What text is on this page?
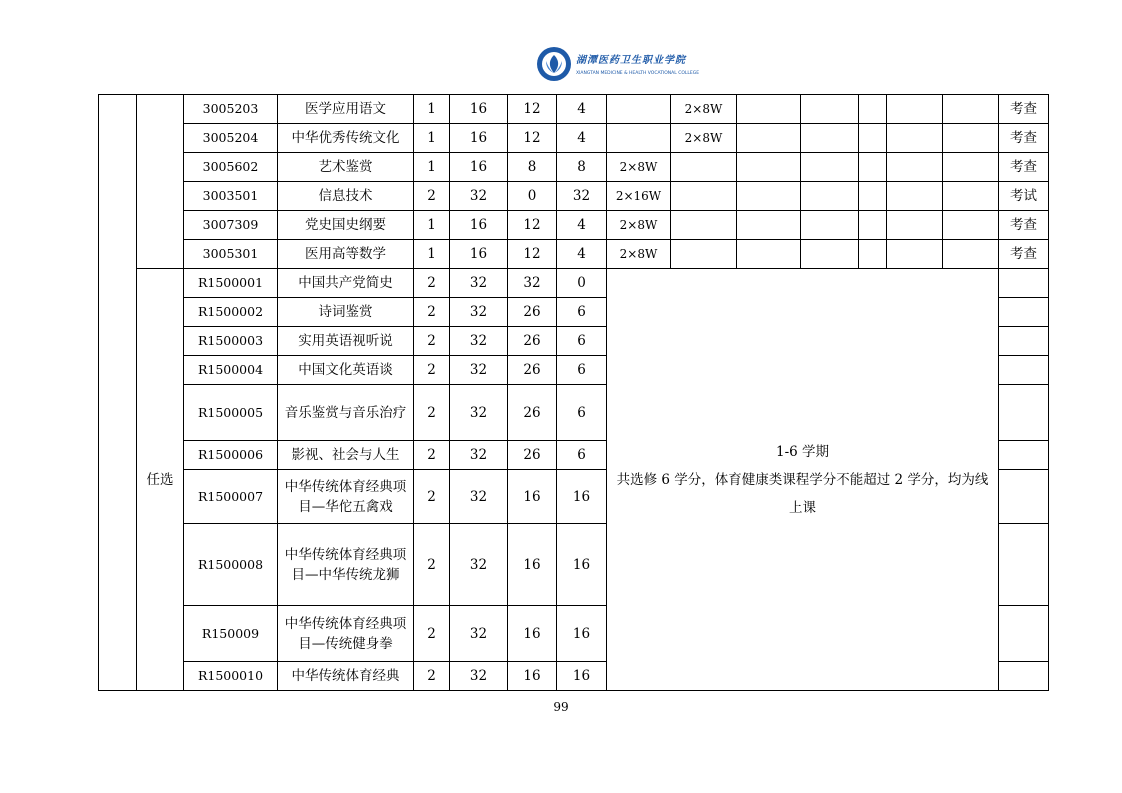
湖潭医药卫生职业学院
XIANGTAN MEDICINE & HEALTH VOCATIONAL COLLEGE
		3005203	医学应用语文	1	16	12	4		2×8W						考查
		3005204	中华优秀传统文化	1	16	12	4		2×8W						考查
		3005602	艺术鉴赏	1	16	8	8	2×8W							考查
		3003501	信息技术	2	32	0	32	2×16W							考试
		3007309	党史国史纲要	1	16	12	4	2×8W							考查
		3005301	医用高等数学	1	16	12	4	2×8W							考查
	任选	R1500001	中国共产党简史	2	32	32	0	1-6 学期
共选修 6 学分，体育健康类课程学分不能超过 2 学分，均为线上课							

		R1500002	诗词鉴赏	2	32	26	6								
		R1500003	实用英语视听说	2	32	26	6								
		R1500004	中国文化英语谈	2	32	26	6								
		R1500005	音乐鉴赏与音乐治疗	2	32	26	6								
		R1500006	影视、社会与人生	2	32	26	6								
		R1500007	中华传统体育经典项目—华佗五禽戏	2	32	16	16								
		R1500008	中华传统体育经典项目—中华传统龙狮	2	32	16	16								
		R150009	中华传统体育经典项目—传统健身拳	2	32	16	16								
		R1500010	中华传统体育经典	2	32	16	16								
99
